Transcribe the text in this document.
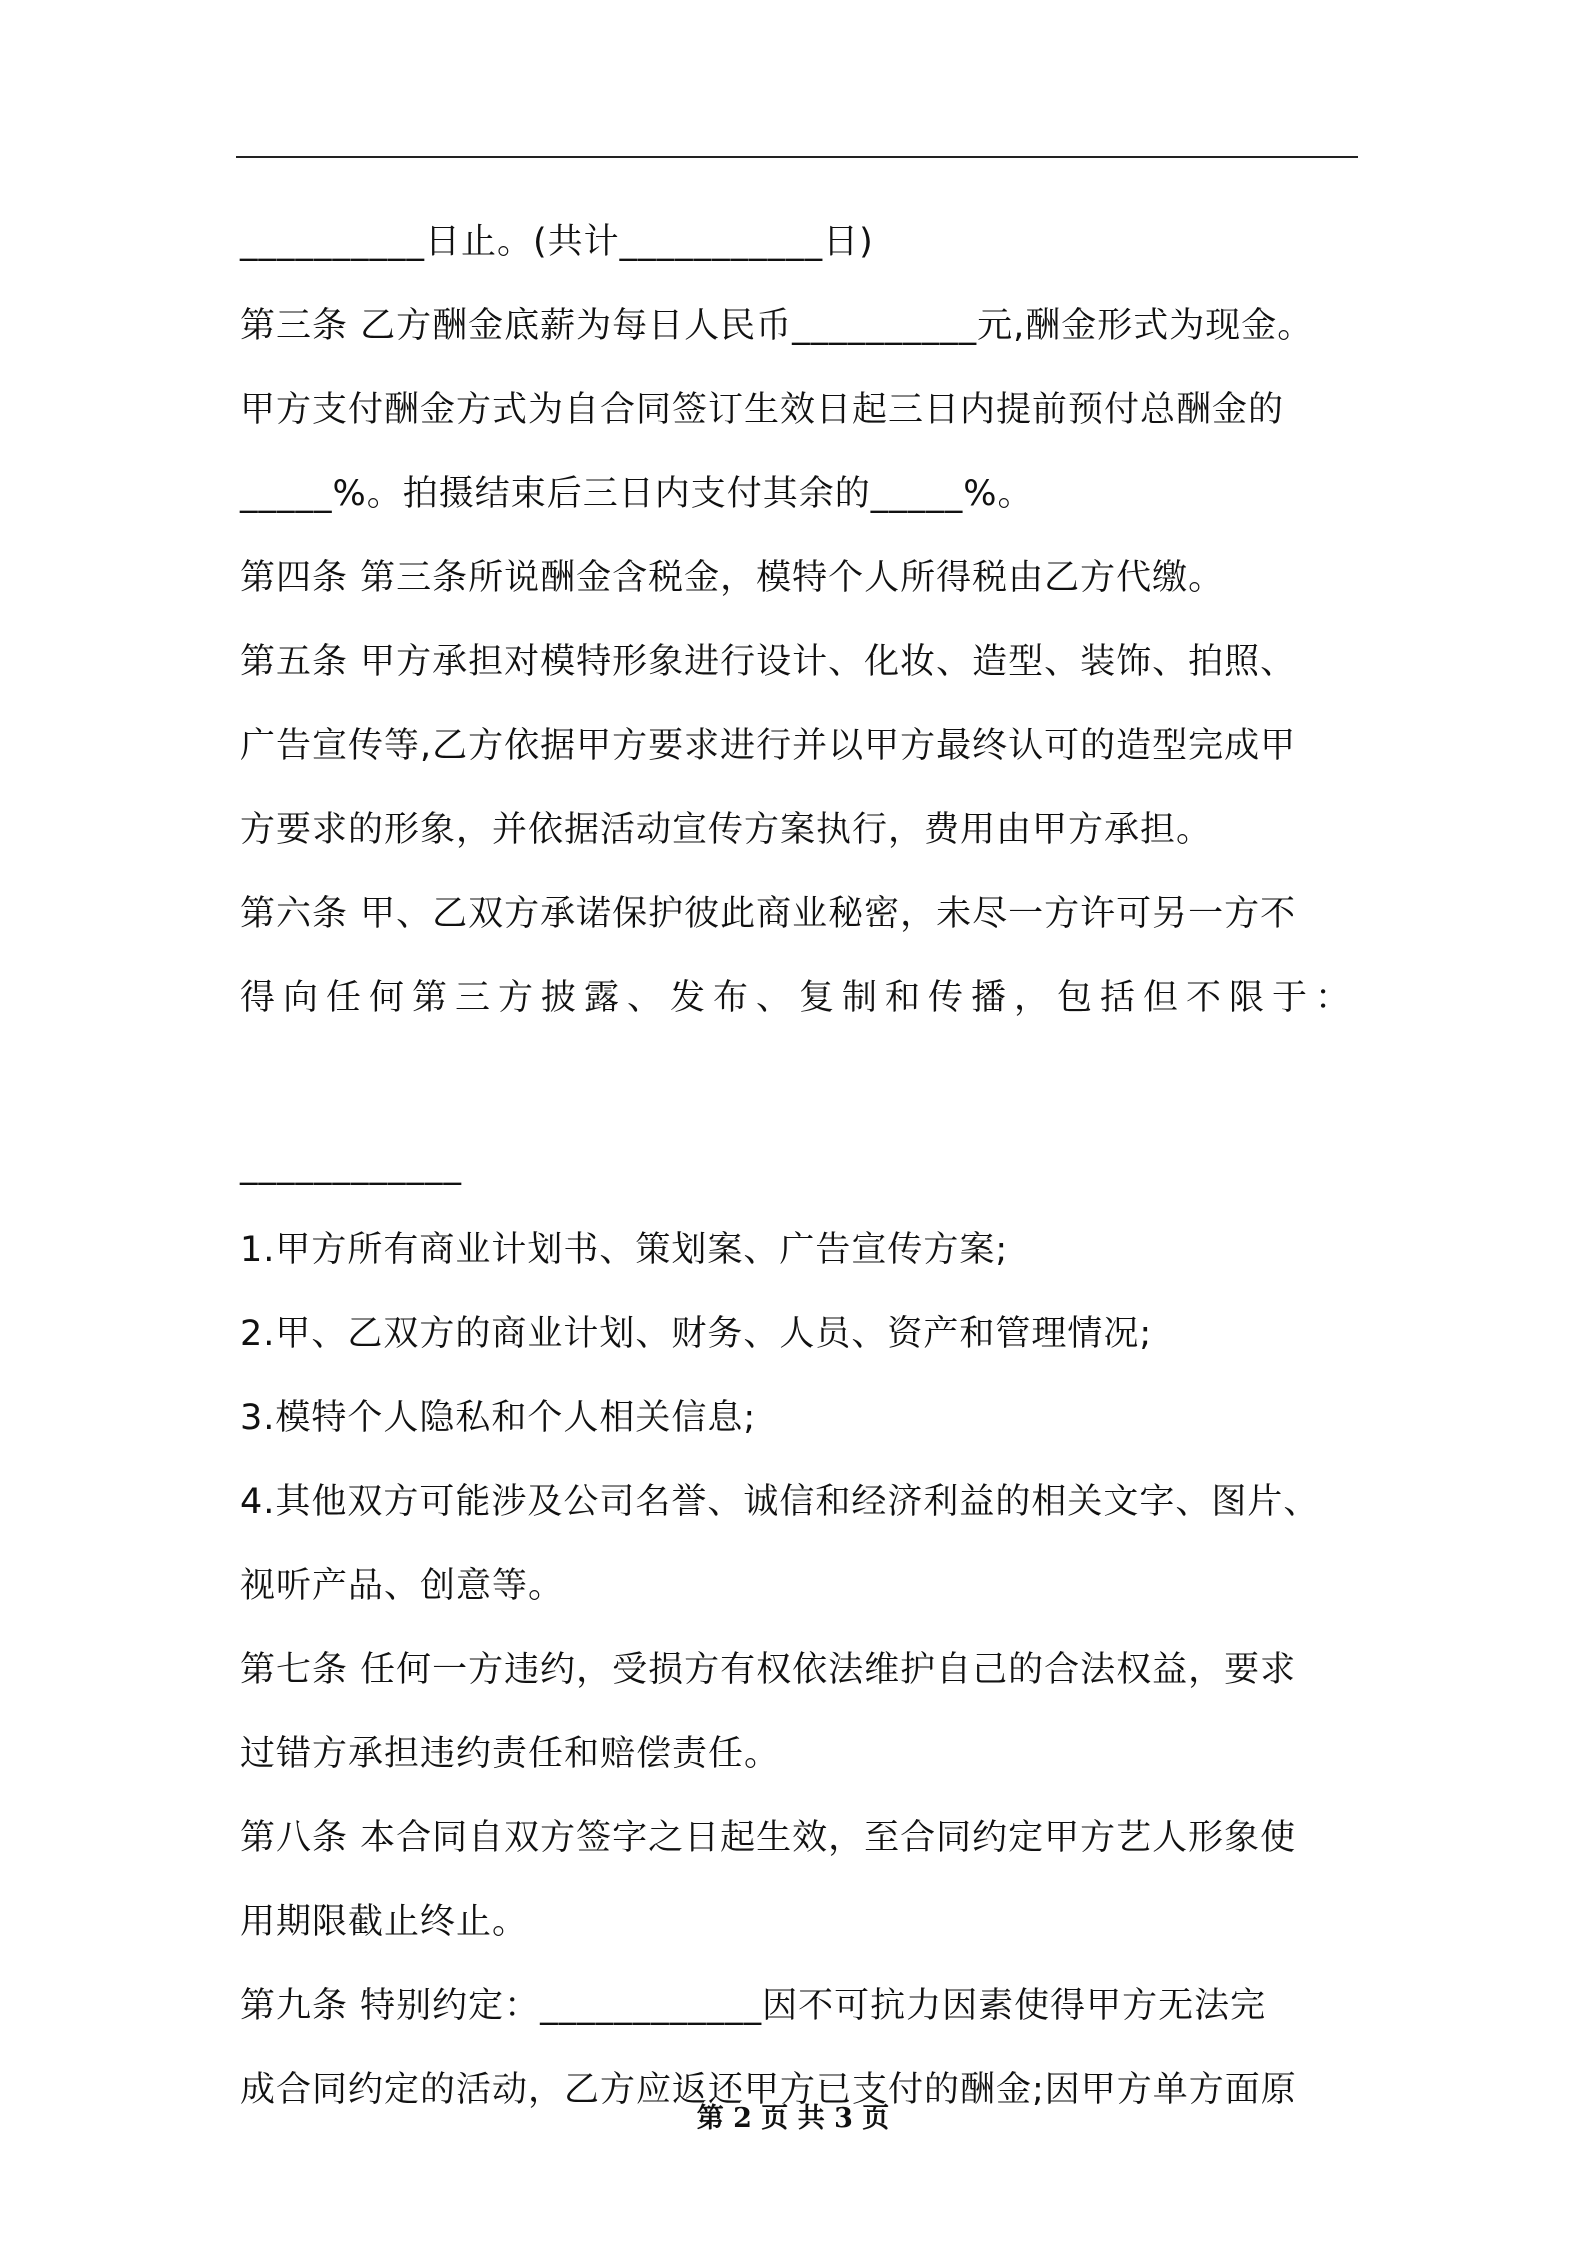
__________日止。(共计___________日)
第三条 乙方酬金底薪为每日人民币__________元,酬金形式为现金。
甲方支付酬金方式为自合同签订生效日起三日内提前预付总酬金的
_____%。拍摄结束后三日内支付其余的_____%。
第四条 第三条所说酬金含税金，模特个人所得税由乙方代缴。
第五条 甲方承担对模特形象进行设计、化妆、造型、装饰、拍照、
广告宣传等,乙方依据甲方要求进行并以甲方最终认可的造型完成甲
方要求的形象，并依据活动宣传方案执行，费用由甲方承担。
第六条 甲、乙双方承诺保护彼此商业秘密，未尽一方许可另一方不
得向任何第三方披露、发布、复制和传播，包括但不限于：
____________
1.甲方所有商业计划书、策划案、广告宣传方案;
2.甲、乙双方的商业计划、财务、人员、资产和管理情况;
3.模特个人隐私和个人相关信息;
4.其他双方可能涉及公司名誉、诚信和经济利益的相关文字、图片、
视听产品、创意等。
第七条 任何一方违约，受损方有权依法维护自己的合法权益，要求
过错方承担违约责任和赔偿责任。
第八条 本合同自双方签字之日起生效，至合同约定甲方艺人形象使
用期限截止终止。
第九条 特别约定：____________因不可抗力因素使得甲方无法完
成合同约定的活动，乙方应返还甲方已支付的酬金;因甲方单方面原
第 2 页 共 3 页
